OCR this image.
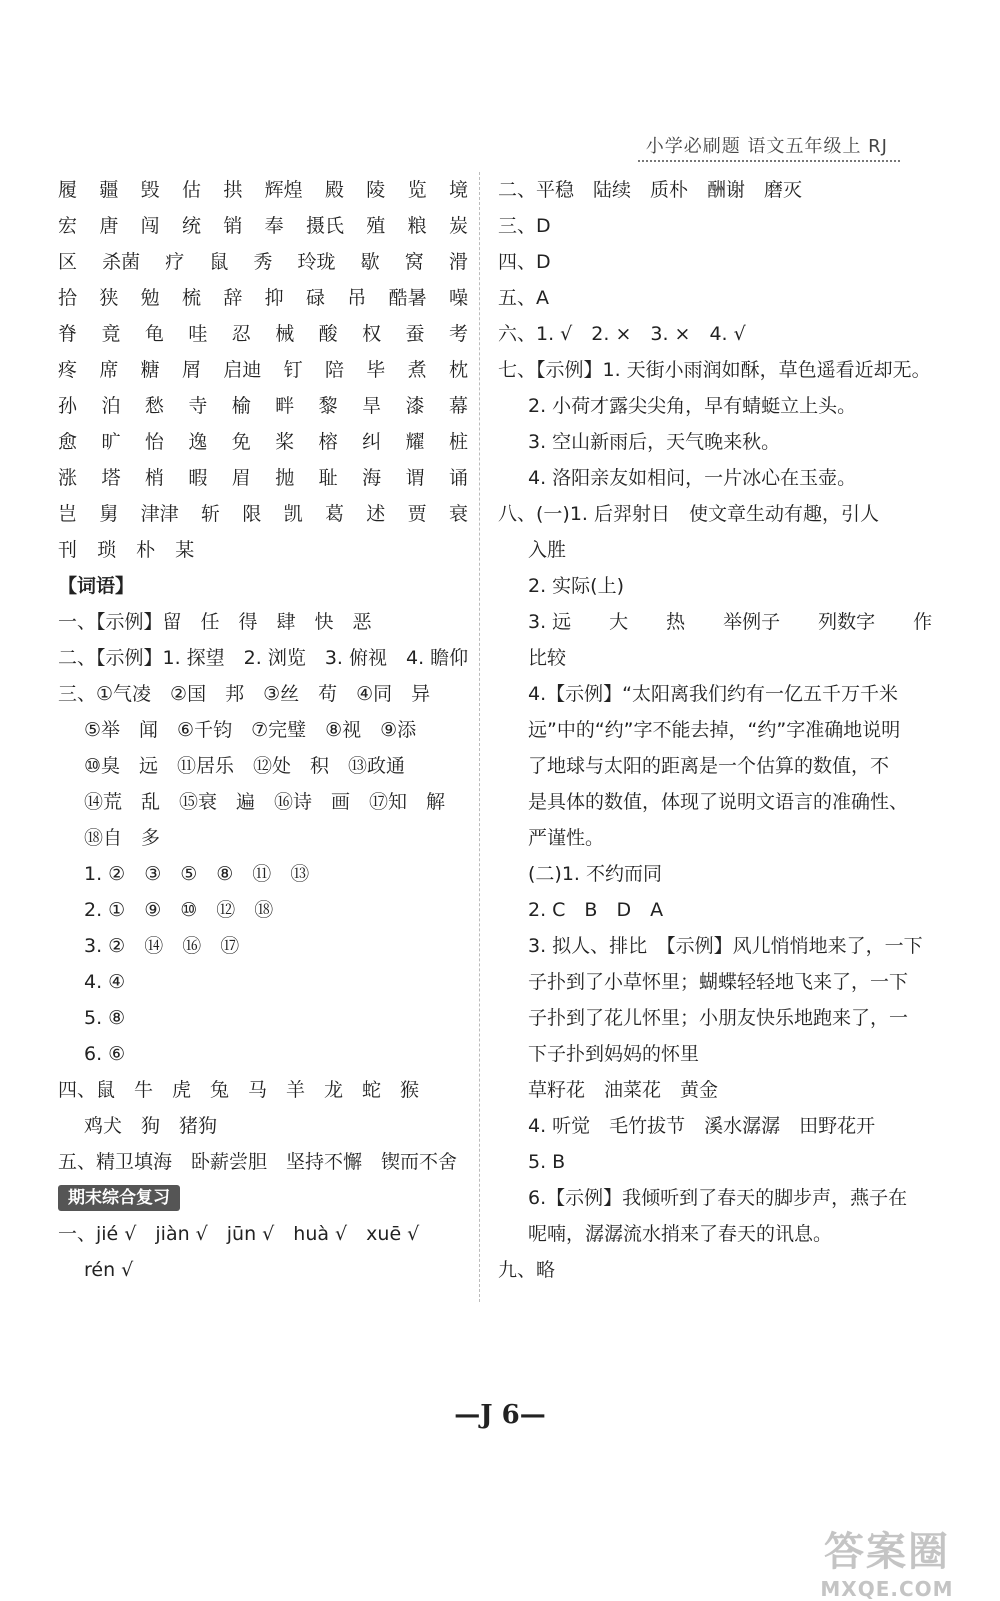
小学必刷题 语文五年级上 RJ
履 疆 毁 估 拱 辉煌 殿 陵 览 境
宏 唐 闯 统 销 奉 摄氏 殖 粮 炭
区 杀菌 疗 鼠 秀 玲珑 歇 窝 滑
拾 狭 勉 梳 辞 抑 碌 吊 酷暑 噪
脊 竟 龟 哇 忍 械 酸 权 蚕 考
疼 席 糖 屑 启迪 钉 陪 毕 煮 枕
孙 泊 愁 寺 榆 畔 黎 旱 漆 幕
愈 旷 怡 逸 免 桨 榕 纠 耀 桩
涨 塔 梢 暇 眉 抛 耻 海 谓 诵
岂 舅 津津 斩 限 凯 葛 述 贾 衰
刊 琐 朴 某
【词语】
一、【示例】留　任　得　肆　快　恶
二、【示例】1. 探望　2. 浏览　3. 俯视　4. 瞻仰
三、①气凌　②国　邦　③丝　苟　④同　异
⑤举　闻　⑥千钧　⑦完璧　⑧视　⑨添
⑩臭　远　⑪居乐　⑫处　积　⑬政通
⑭荒　乱　⑮衰　遍　⑯诗　画　⑰知　解
⑱自　多
1. ②　③　⑤　⑧　⑪　⑬
2. ①　⑨　⑩　⑫　⑱
3. ②　⑭　⑯　⑰
4. ④
5. ⑧
6. ⑥
四、鼠　牛　虎　兔　马　羊　龙　蛇　猴
鸡犬　狗　猪狗
五、精卫填海　卧薪尝胆　坚持不懈　锲而不舍
期末综合复习
一、jié √　jiàn √　jūn √　huà √　xuē √
rén √
二、平稳　陆续　质朴　酬谢　磨灭
三、D
四、D
五、A
六、1. √　2. ×　3. ×　4. √
七、【示例】1. 天街小雨润如酥，草色遥看近却无。
2. 小荷才露尖尖角，早有蜻蜓立上头。
3. 空山新雨后，天气晚来秋。
4. 洛阳亲友如相问，一片冰心在玉壶。
八、(一)1. 后羿射日　使文章生动有趣，引人
入胜
2. 实际(上)
3. 远　　大　　热　　举例子　　列数字　　作
比较
4.【示例】“太阳离我们约有一亿五千万千米
远”中的“约”字不能去掉，“约”字准确地说明
了地球与太阳的距离是一个估算的数值，不
是具体的数值，体现了说明文语言的准确性、
严谨性。
(二)1. 不约而同
2. C　B　D　A
3. 拟人、排比　【示例】风儿悄悄地来了，一下
子扑到了小草怀里；蝴蝶轻轻地飞来了，一下
子扑到了花儿怀里；小朋友快乐地跑来了，一
下子扑到妈妈的怀里
草籽花　油菜花　黄金
4. 听觉　毛竹拔节　溪水潺潺　田野花开
5. B
6.【示例】我倾听到了春天的脚步声，燕子在
呢喃，潺潺流水捎来了春天的讯息。
九、略
—J 6—
答案圈
MXQE.COM
